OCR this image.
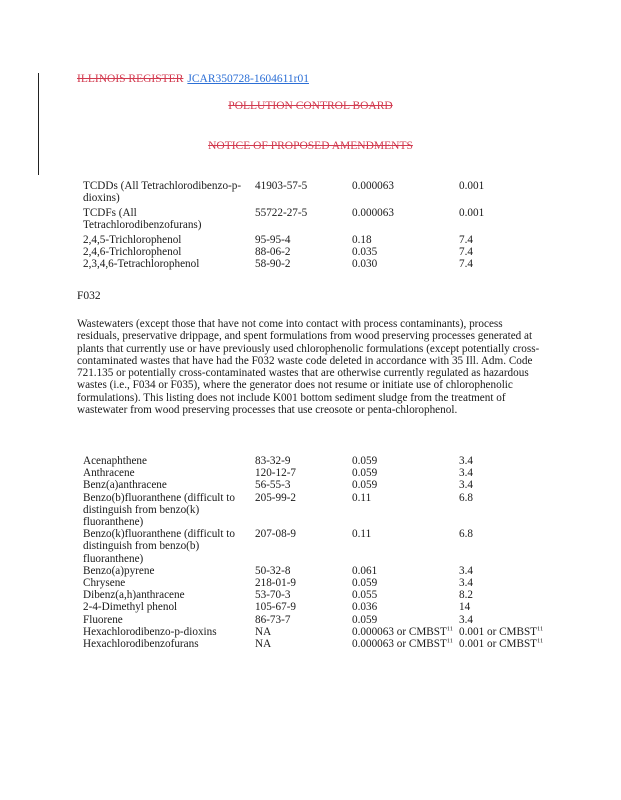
ILLINOIS REGISTER JCAR350728-1604611r01
POLLUTION CONTROL BOARD
NOTICE OF PROPOSED AMENDMENTS
TCDDs (All Tetrachlorodibenzo-p-dioxins)	41903-57-5	0.000063	0.001
TCDFs (All Tetrachlorodibenzofurans)	55722-27-5	0.000063	0.001
2,4,5-Trichlorophenol	95-95-4	0.18	7.4
2,4,6-Trichlorophenol	88-06-2	0.035	7.4
2,3,4,6-Tetrachlorophenol	58-90-2	0.030	7.4
F032
Wastewaters (except those that have not come into contact with process contaminants), process residuals, preservative drippage, and spent formulations from wood preserving processes generated at plants that currently use or have previously used chlorophenolic formulations (except potentially cross-contaminated wastes that have had the F032 waste code deleted in accordance with 35 Ill. Adm. Code 721.135 or potentially cross-contaminated wastes that are otherwise currently regulated as hazardous wastes (i.e., F034 or F035), where the generator does not resume or initiate use of chlorophenolic formulations). This listing does not include K001 bottom sediment sludge from the treatment of wastewater from wood preserving processes that use creosote or penta-chlorophenol.
Acenaphthene	83-32-9	0.059	3.4
Anthracene	120-12-7	0.059	3.4
Benz(a)anthracene	56-55-3	0.059	3.4
Benzo(b)fluoranthene (difficult to distinguish from benzo(k) fluoranthene)	205-99-2	0.11	6.8
Benzo(k)fluoranthene (difficult to distinguish from benzo(b) fluoranthene)	207-08-9	0.11	6.8
Benzo(a)pyrene	50-32-8	0.061	3.4
Chrysene	218-01-9	0.059	3.4
Dibenz(a,h)anthracene	53-70-3	0.055	8.2
2-4-Dimethyl phenol	105-67-9	0.036	14
Fluorene	86-73-7	0.059	3.4
Hexachlorodibenzo-p-dioxins	NA	0.000063 or CMBST$^{11}$	0.001 or CMBST$^{11}$
Hexachlorodibenzofurans	NA	0.000063 or CMBST$^{11}$	0.001 or CMBST$^{11}$
